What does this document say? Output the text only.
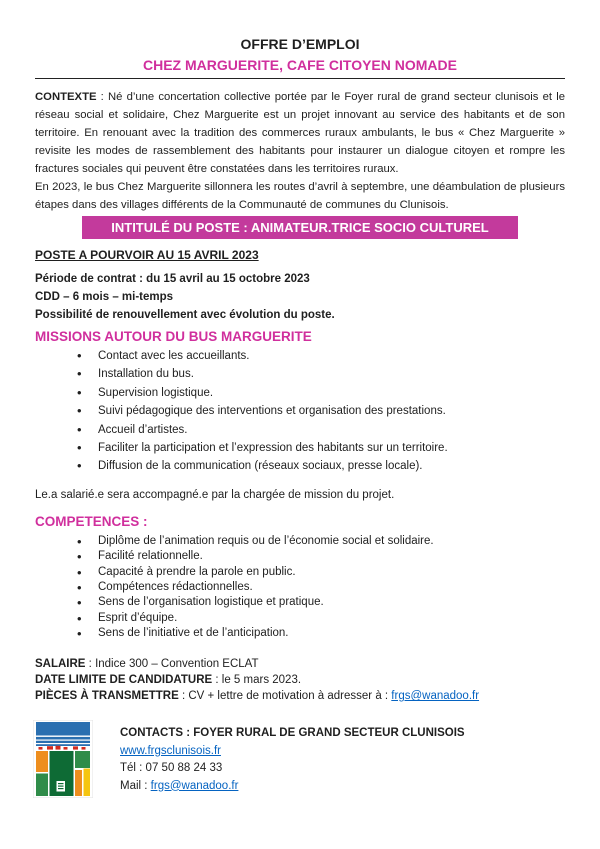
OFFRE D’EMPLOI
CHEZ MARGUERITE, CAFE CITOYEN NOMADE

CONTEXTE : Né d’une concertation collective portée par le Foyer rural de grand secteur clunisois et le réseau social et solidaire, Chez Marguerite est un projet innovant au service des habitants et de son territoire. En renouant avec la tradition des commerces ruraux ambulants, le bus « Chez Marguerite » revisite les modes de rassemblement des habitants pour instaurer un dialogue citoyen et rompre les fractures sociales qui peuvent être constatées dans les territoires ruraux.
En 2023, le bus Chez Marguerite sillonnera les routes d’avril à septembre, une déambulation de plusieurs étapes dans des villages différents de la Communauté de communes du Clunisois.

INTITULÉ DU POSTE : ANIMATEUR.TRICE SOCIO CULTUREL
POSTE A POURVOIR AU 15 AVRIL 2023
Période de contrat : du 15 avril au 15 octobre 2023
CDD – 6 mois – mi-temps
Possibilité de renouvellement avec évolution du poste.
MISSIONS AUTOUR DU BUS MARGUERITE
• Contact avec les accueillants.
• Installation du bus.
• Supervision logistique.
• Suivi pédagogique des interventions et organisation des prestations.
• Accueil d’artistes.
• Faciliter la participation et l’expression des habitants sur un territoire.
• Diffusion de la communication (réseaux sociaux, presse locale).

Le.a salarié.e sera accompagné.e par la chargée de mission du projet.

COMPETENCES :
• Diplôme de l’animation requis ou de l’économie social et solidaire.
• Facilité relationnelle.
• Capacité à prendre la parole en public.
• Compétences rédactionnelles.
• Sens de l’organisation logistique et pratique.
• Esprit d’équipe.
• Sens de l’initiative et de l’anticipation.
SALAIRE : Indice 300 – Convention ECLAT
DATE LIMITE DE CANDIDATURE : le 5 mars 2023.
PIÈCES À TRANSMETTRE : CV + lettre de motivation à adresser à : frgs@wanadoo.fr
CONTACTS : FOYER RURAL DE GRAND SECTEUR CLUNISOIS
www.frgsclunisois.fr
Tél : 07 50 88 24 33
Mail : frgs@wanadoo.fr
